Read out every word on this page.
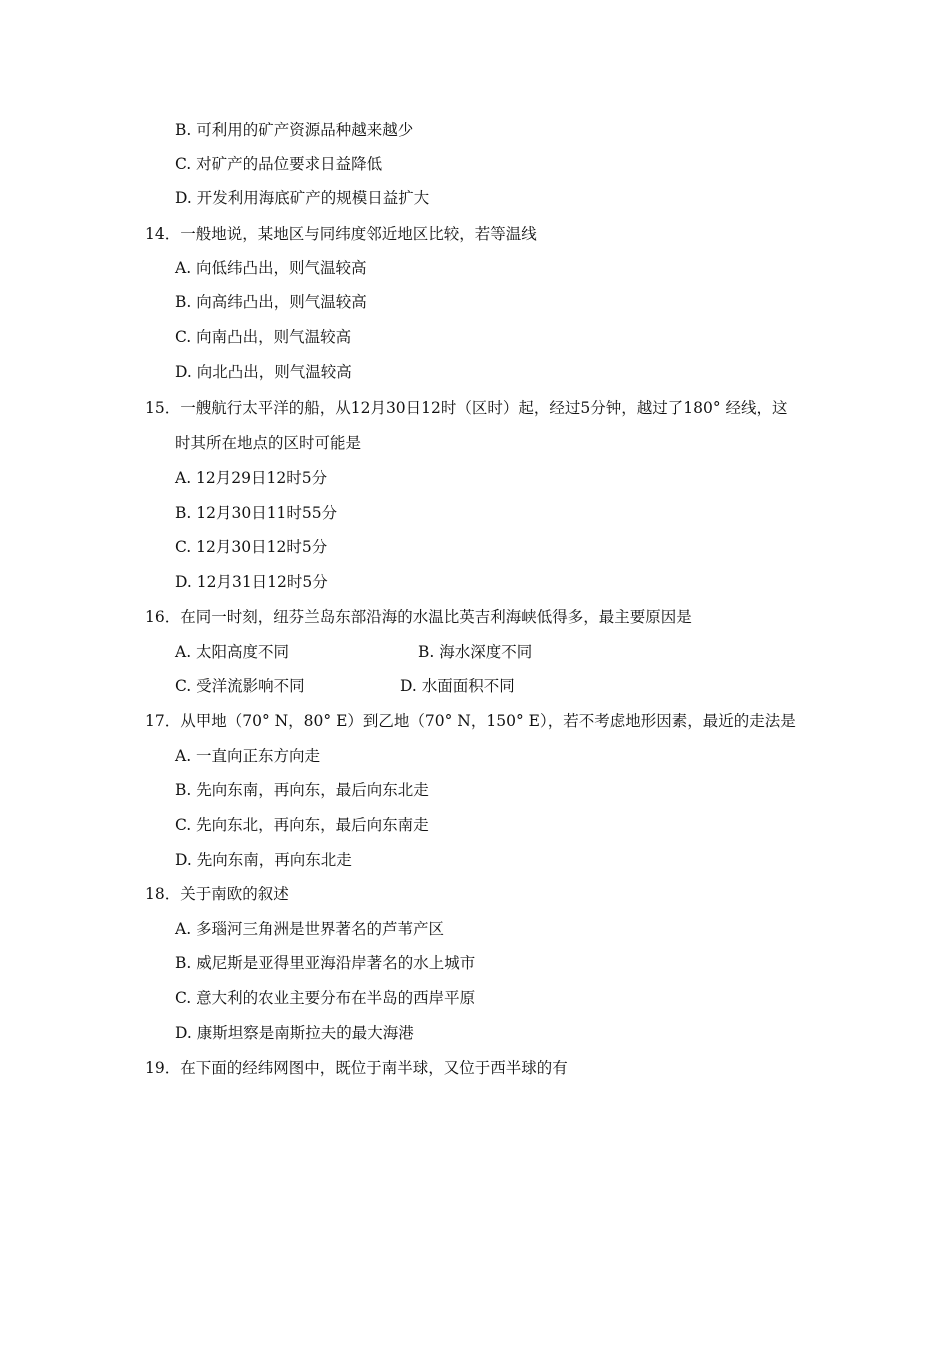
B. 可利用的矿产资源品种越来越少
C. 对矿产的品位要求日益降低
D. 开发利用海底矿产的规模日益扩大
14．一般地说，某地区与同纬度邻近地区比较，若等温线
A. 向低纬凸出，则气温较高
B. 向高纬凸出，则气温较高
C. 向南凸出，则气温较高
D. 向北凸出，则气温较高
15．一艘航行太平洋的船，从12月30日12时（区时）起，经过5分钟，越过了180° 经线，这
时其所在地点的区时可能是
A. 12月29日12时5分
B. 12月30日11时55分
C. 12月30日12时5分
D. 12月31日12时5分
16．在同一时刻，纽芬兰岛东部沿海的水温比英吉利海峡低得多，最主要原因是
A. 太阳高度不同	B. 海水深度不同
C. 受洋流影响不同	D. 水面面积不同
17．从甲地（70° N，80° E）到乙地（70° N，150° E），若不考虑地形因素，最近的走法是
A. 一直向正东方向走
B. 先向东南，再向东，最后向东北走
C. 先向东北，再向东，最后向东南走
D. 先向东南，再向东北走
18．关于南欧的叙述
A. 多瑙河三角洲是世界著名的芦苇产区
B. 威尼斯是亚得里亚海沿岸著名的水上城市
C. 意大利的农业主要分布在半岛的西岸平原
D. 康斯坦察是南斯拉夫的最大海港
19．在下面的经纬网图中，既位于南半球，又位于西半球的有
